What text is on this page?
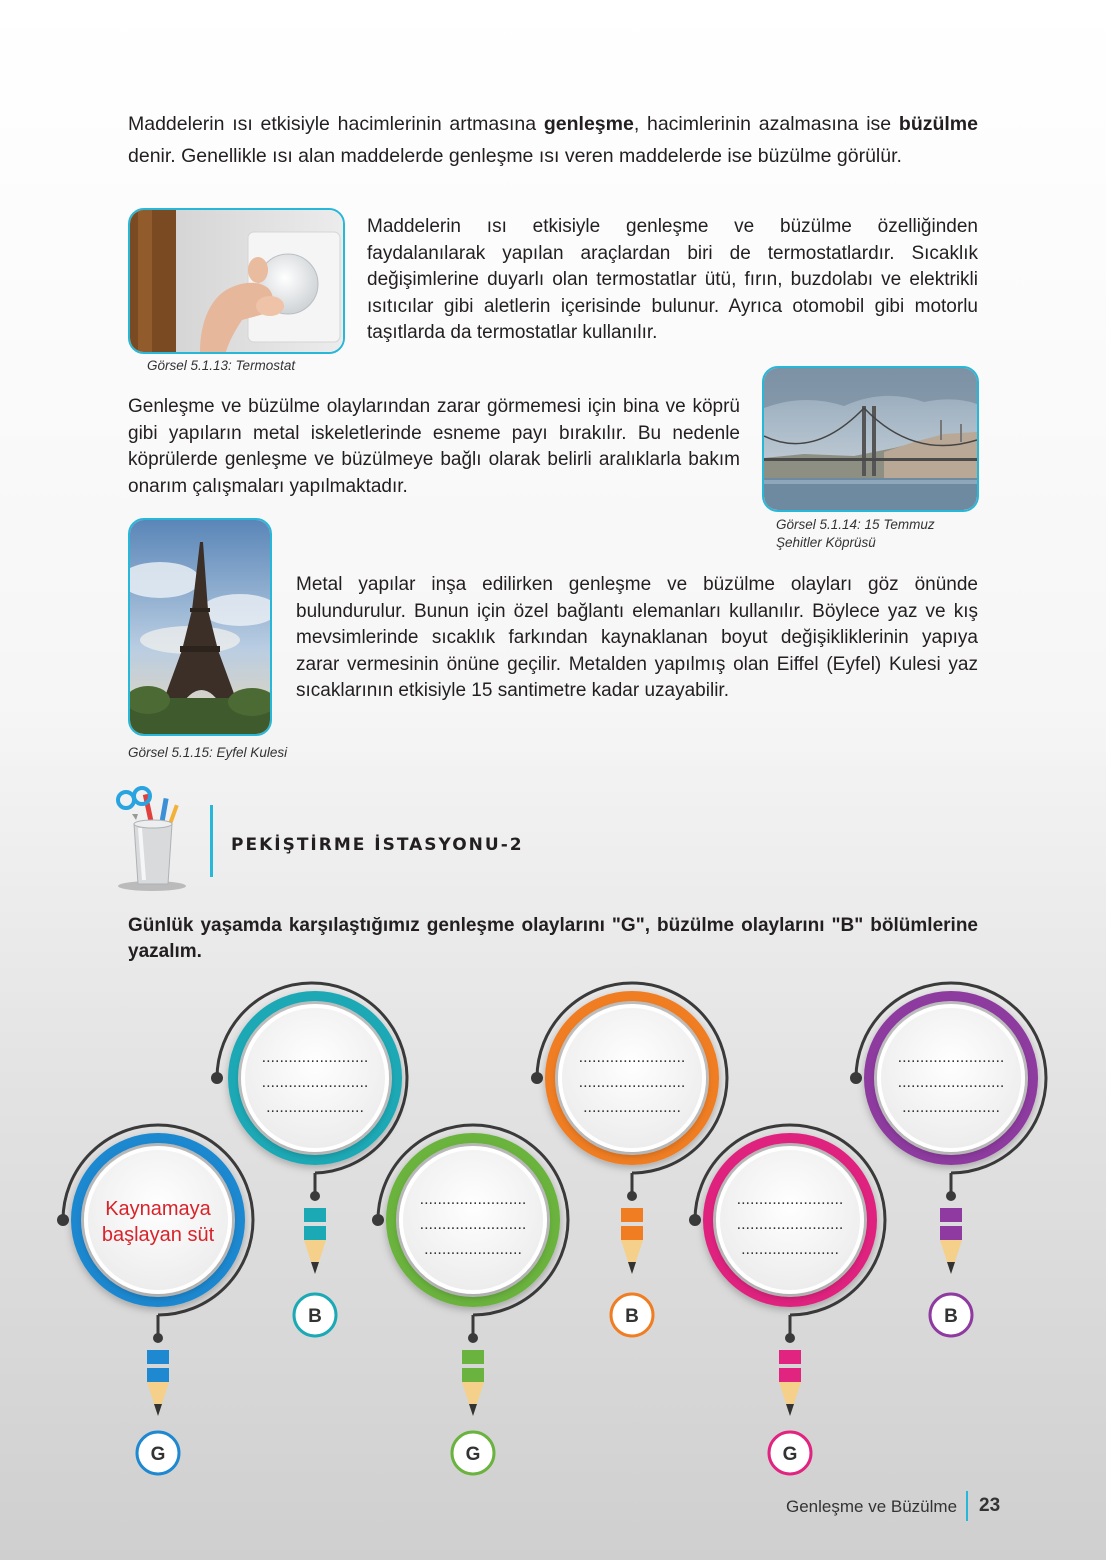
Maddelerin ısı etkisiyle hacimlerinin artmasına genleşme, hacimlerinin azalmasına ise büzülme denir. Genellikle ısı alan maddelerde genleşme ısı veren maddelerde ise büzülme görülür.

Görsel 5.1.13: Termostat

Maddelerin ısı etkisiyle genleşme ve büzülme özelliğinden faydalanılarak yapılan araçlardan biri de termostatlardır. Sıcaklık değişimlerine duyarlı olan termostatlar ütü, fırın, buzdolabı ve elektrikli ısıtıcılar gibi aletlerin içerisinde bulunur. Ayrıca otomobil gibi motorlu taşıtlarda da termostatlar kullanılır.

Genleşme ve büzülme olaylarından zarar görmemesi için bina ve köprü gibi yapıların metal iskeletlerinde esneme payı bırakılır. Bu nedenle köprülerde genleşme ve büzülmeye bağlı olarak belirli aralıklarla bakım onarım çalışmaları yapılmaktadır.

Görsel 5.1.14: 15 Temmuz
Şehitler Köprüsü
Görsel 5.1.15: Eyfel Kulesi

Metal yapılar inşa edilirken genleşme ve büzülme olayları göz önünde bulundurulur. Bunun için özel bağlantı elemanları kullanılır. Böylece yaz ve kış mevsimlerinde sıcaklık farkından kaynaklanan boyut değişikliklerinin yapıya zarar vermesinin önüne geçilir. Metalden yapılmış olan Eiffel (Eyfel) Kulesi yaz sıcaklarının etkisiyle 15 santimetre kadar uzayabilir.

PEKİŞTİRME İSTASYONU-2
Günlük yaşamda karşılaştığımız genleşme olaylarını "G", büzülme olaylarını "B" bölümlerine yazalım.
Kaynamaya
başlayan süt
G
........................
........................
......................
B
........................
........................
......................
G
........................
........................
......................
B
........................
........................
......................
G
........................
........................
......................
B
Genleşme ve Büzülme 23
